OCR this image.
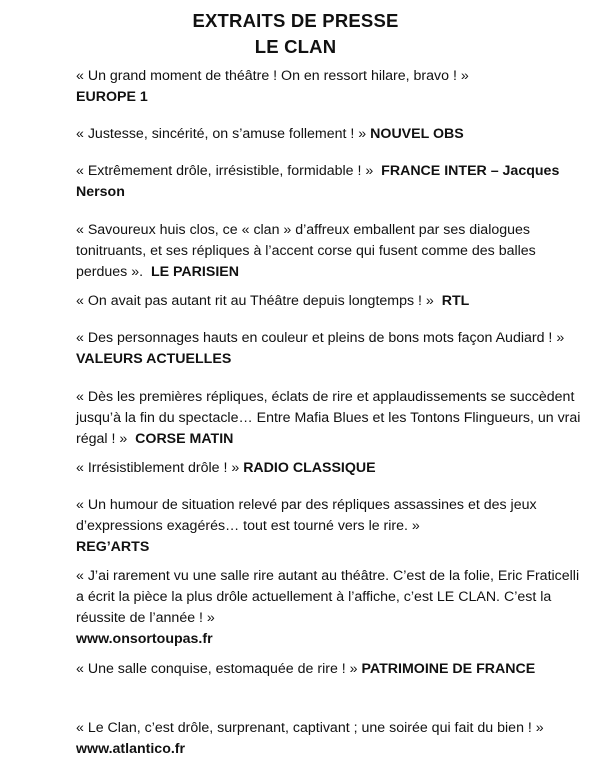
EXTRAITS DE PRESSE
LE CLAN

« Un grand moment de théâtre ! On en ressort hilare, bravo ! »
EUROPE 1

« Justesse, sincérité, on s’amuse follement ! » NOUVEL OBS

« Extrêmement drôle, irrésistible, formidable ! » FRANCE INTER – Jacques Nerson

« Savoureux huis clos, ce « clan » d’affreux emballent par ses dialogues tonitruants, et ses répliques à l’accent corse qui fusent comme des balles perdues ». LE PARISIEN

« On avait pas autant rit au Théâtre depuis longtemps ! » RTL

« Des personnages hauts en couleur et pleins de bons mots façon Audiard ! » VALEURS ACTUELLES

« Dès les premières répliques, éclats de rire et applaudissements se succèdent jusqu’à la fin du spectacle… Entre Mafia Blues et les Tontons Flingueurs, un vrai régal ! » CORSE MATIN

« Irrésistiblement drôle ! » RADIO CLASSIQUE

« Un humour de situation relevé par des répliques assassines et des jeux d’expressions exagérés… tout est tourné vers le rire. »
REG’ARTS

« J’ai rarement vu une salle rire autant au théâtre. C’est de la folie, Eric Fraticelli a écrit la pièce la plus drôle actuellement à l’affiche, c’est LE CLAN. C’est la réussite de l’année ! »
www.onsortoupas.fr

« Une salle conquise, estomaquée de rire ! » PATRIMOINE DE FRANCE

« Le Clan, c’est drôle, surprenant, captivant ; une soirée qui fait du bien ! » www.atlantico.fr
